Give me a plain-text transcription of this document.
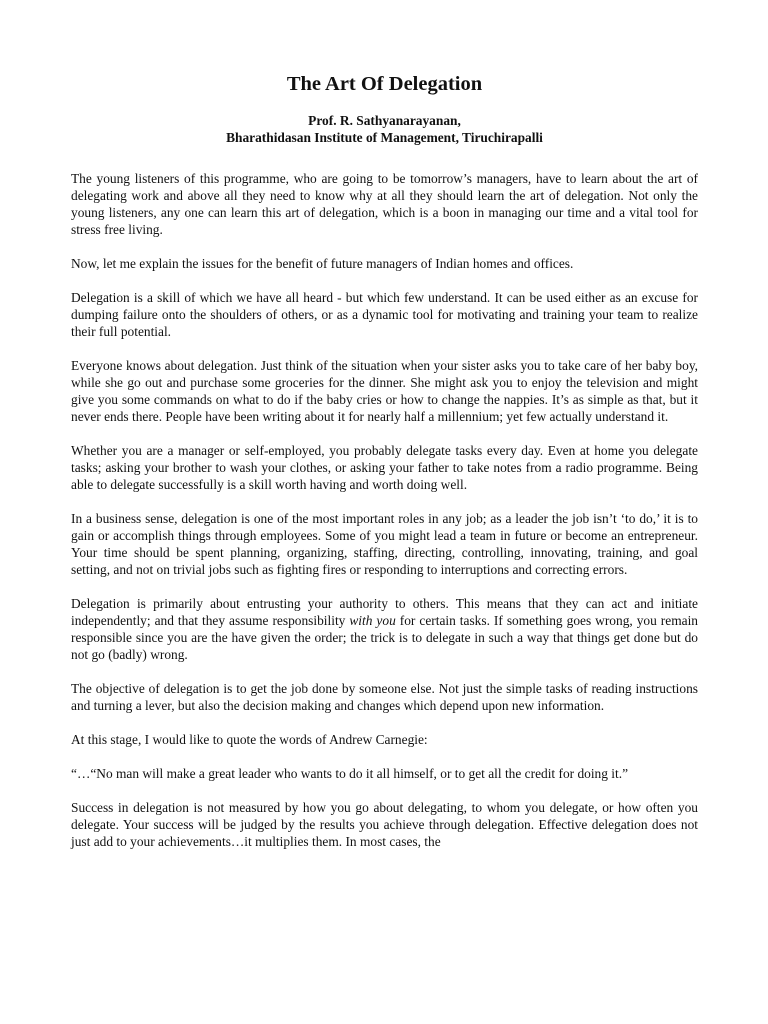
The Art Of Delegation
Prof. R. Sathyanarayanan,
Bharathidasan Institute of Management, Tiruchirapalli

The young listeners of this programme, who are going to be tomorrow’s managers, have to learn about the art of delegating work and above all they need to know why at all they should learn the art of delegation. Not only the young listeners, any one can learn this art of delegation, which is a boon in managing our time and a vital tool for stress free living.

Now, let me explain the issues for the benefit of future managers of Indian homes and offices.

Delegation is a skill of which we have all heard - but which few understand. It can be used either as an excuse for dumping failure onto the shoulders of others, or as a dynamic tool for motivating and training your team to realize their full potential.

Everyone knows about delegation. Just think of the situation when your sister asks you to take care of her baby boy, while she go out and purchase some groceries for the dinner. She might ask you to enjoy the television and might give you some commands on what to do if the baby cries or how to change the nappies. It’s as simple as that, but it never ends there. People have been writing about it for nearly half a millennium; yet few actually understand it.

Whether you are a manager or self-employed, you probably delegate tasks every day. Even at home you delegate tasks; asking your brother to wash your clothes, or asking your father to take notes from a radio programme. Being able to delegate successfully is a skill worth having and worth doing well.

In a business sense, delegation is one of the most important roles in any job; as a leader the job isn’t ‘to do,’ it is to gain or accomplish things through employees. Some of you might lead a team in future or become an entrepreneur. Your time should be spent planning, organizing, staffing, directing, controlling, innovating, training, and goal setting, and not on trivial jobs such as fighting fires or responding to interruptions and correcting errors.

Delegation is primarily about entrusting your authority to others. This means that they can act and initiate independently; and that they assume responsibility with you for certain tasks. If something goes wrong, you remain responsible since you are the have given the order; the trick is to delegate in such a way that things get done but do not go (badly) wrong.

The objective of delegation is to get the job done by someone else. Not just the simple tasks of reading instructions and turning a lever, but also the decision making and changes which depend upon new information.

At this stage, I would like to quote the words of Andrew Carnegie:

“…“No man will make a great leader who wants to do it all himself, or to get all the credit for doing it.”

Success in delegation is not measured by how you go about delegating, to whom you delegate, or how often you delegate. Your success will be judged by the results you achieve through delegation. Effective delegation does not just add to your achievements…it multiplies them. In most cases, the
